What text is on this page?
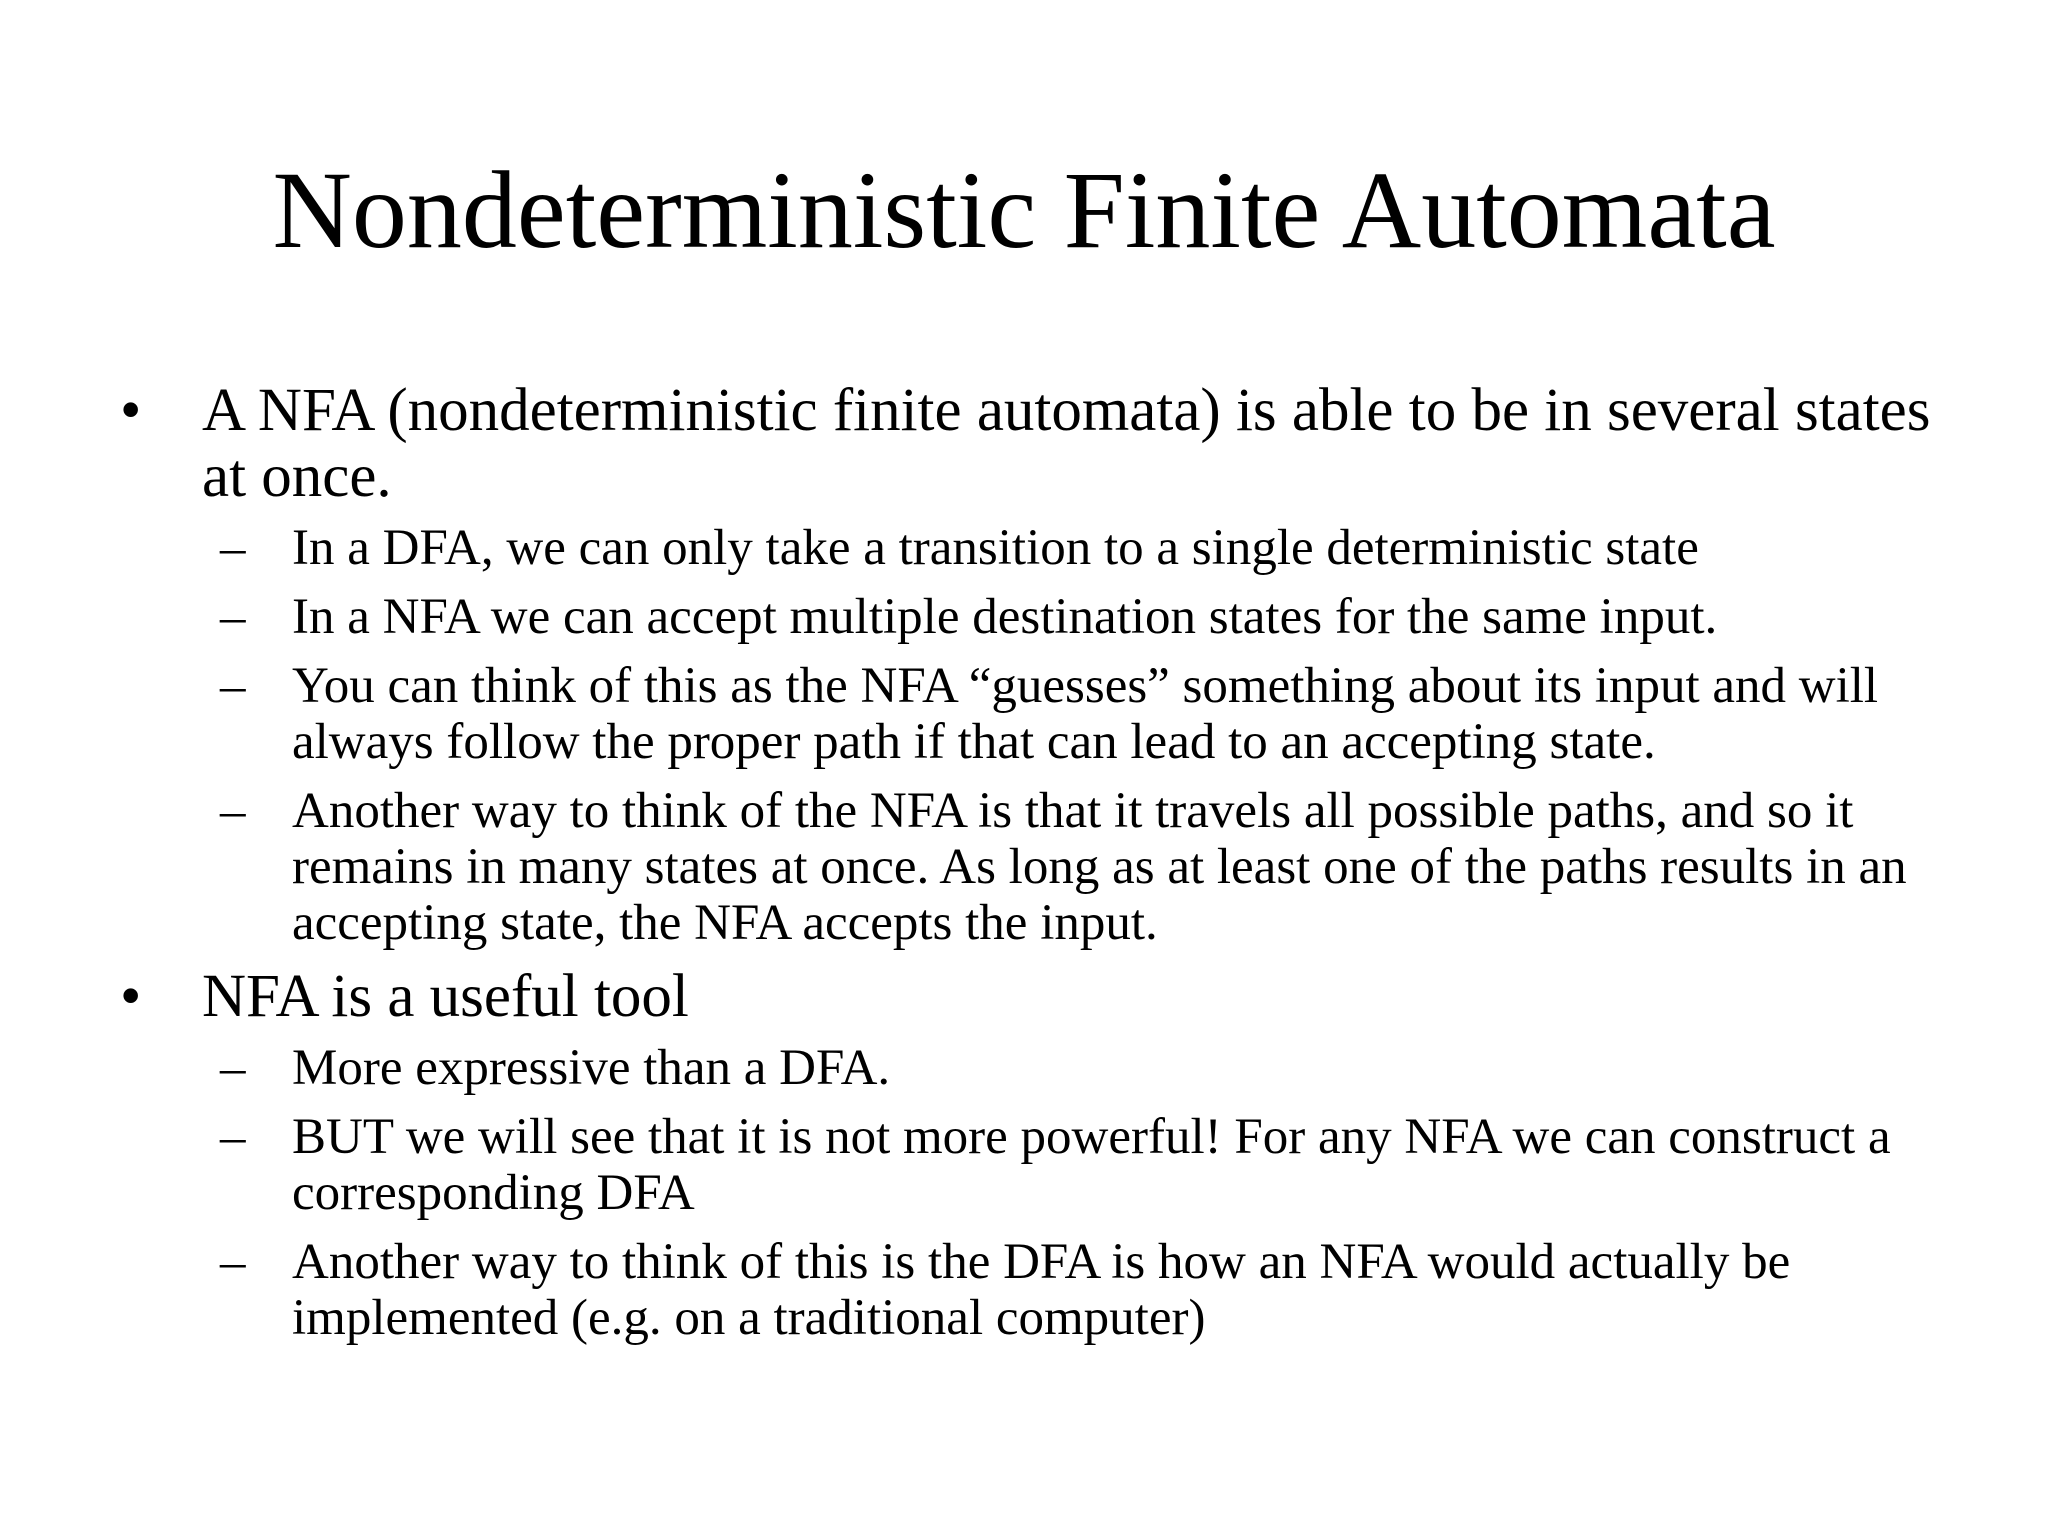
Nondeterministic Finite Automata
• A NFA (nondeterministic finite automata) is able to be in several states at once.
– In a DFA, we can only take a transition to a single deterministic state
– In a NFA we can accept multiple destination states for the same input.
– You can think of this as the NFA “guesses” something about its input and will always follow the proper path if that can lead to an accepting state.
– Another way to think of the NFA is that it travels all possible paths, and so it remains in many states at once. As long as at least one of the paths results in an accepting state, the NFA accepts the input.
• NFA is a useful tool
– More expressive than a DFA.
– BUT we will see that it is not more powerful! For any NFA we can construct a corresponding DFA
– Another way to think of this is the DFA is how an NFA would actually be implemented (e.g. on a traditional computer)
